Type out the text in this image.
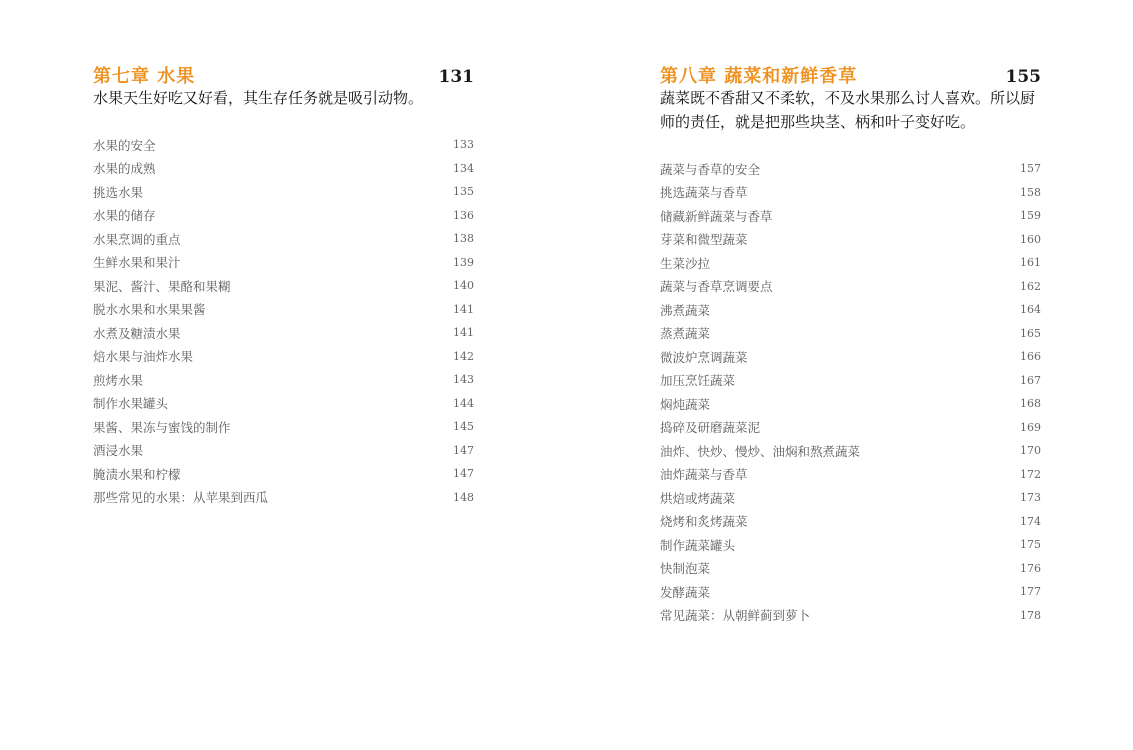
第七章 水果	131
水果天生好吃又好看，其生存任务就是吸引动物。
水果的安全	133
水果的成熟	134
挑选水果	135
水果的储存	136
水果烹调的重点	138
生鲜水果和果汁	139
果泥、酱汁、果酪和果糊	140
脱水水果和水果果酱	141
水煮及糖渍水果	141
焙水果与油炸水果	142
煎烤水果	143
制作水果罐头	144
果酱、果冻与蜜饯的制作	145
酒浸水果	147
腌渍水果和柠檬	147
那些常见的水果：从苹果到西瓜	148
第八章 蔬菜和新鲜香草	155
蔬菜既不香甜又不柔软，不及水果那么讨人喜欢。所以厨师的责任，就是把那些块茎、柄和叶子变好吃。
蔬菜与香草的安全	157
挑选蔬菜与香草	158
储藏新鲜蔬菜与香草	159
芽菜和微型蔬菜	160
生菜沙拉	161
蔬菜与香草烹调要点	162
沸煮蔬菜	164
蒸煮蔬菜	165
微波炉烹调蔬菜	166
加压烹饪蔬菜	167
焖炖蔬菜	168
捣碎及研磨蔬菜泥	169
油炸、快炒、慢炒、油焖和熬煮蔬菜	170
油炸蔬菜与香草	172
烘焙或烤蔬菜	173
烧烤和炙烤蔬菜	174
制作蔬菜罐头	175
快制泡菜	176
发酵蔬菜	177
常见蔬菜：从朝鲜蓟到萝卜	178
